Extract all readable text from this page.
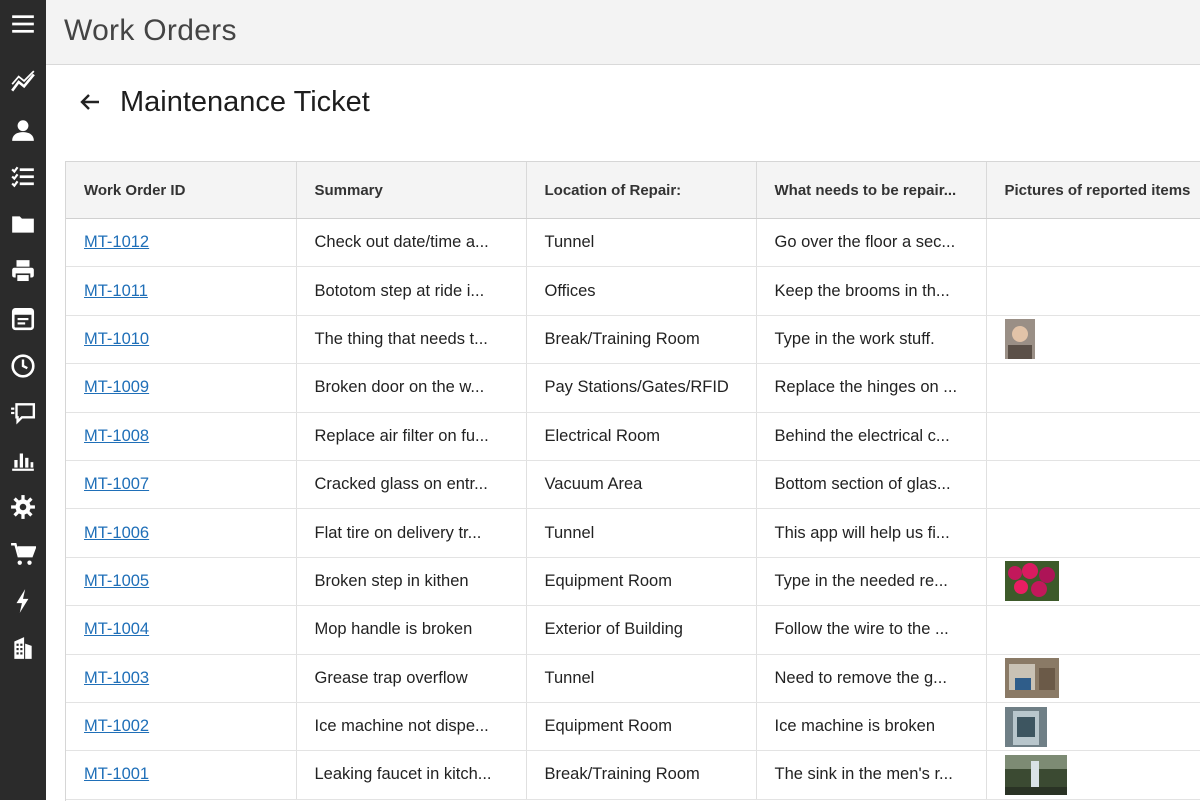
Work Orders
Maintenance Ticket
Work Order ID	Summary	Location of Repair:	What needs to be repair...	Pictures of reported items
MT-1012	Check out date/time a...	Tunnel	Go over the floor a sec...	
MT-1011	Bototom step at ride i...	Offices	Keep the brooms in th...	
MT-1010	The thing that needs t...	Break/Training Room	Type in the work stuff.	
MT-1009	Broken door on the w...	Pay Stations/Gates/RFID	Replace the hinges on ...	
MT-1008	Replace air filter on fu...	Electrical Room	Behind the electrical c...	
MT-1007	Cracked glass on entr...	Vacuum Area	Bottom section of glas...	
MT-1006	Flat tire on delivery tr...	Tunnel	This app will help us fi...	
MT-1005	Broken step in kithen	Equipment Room	Type in the needed re...	
MT-1004	Mop handle is broken	Exterior of Building	Follow the wire to the ...	
MT-1003	Grease trap overflow	Tunnel	Need to remove the g...	
MT-1002	Ice machine not dispe...	Equipment Room	Ice machine is broken	
MT-1001	Leaking faucet in kitch...	Break/Training Room	The sink in the men's r...	
